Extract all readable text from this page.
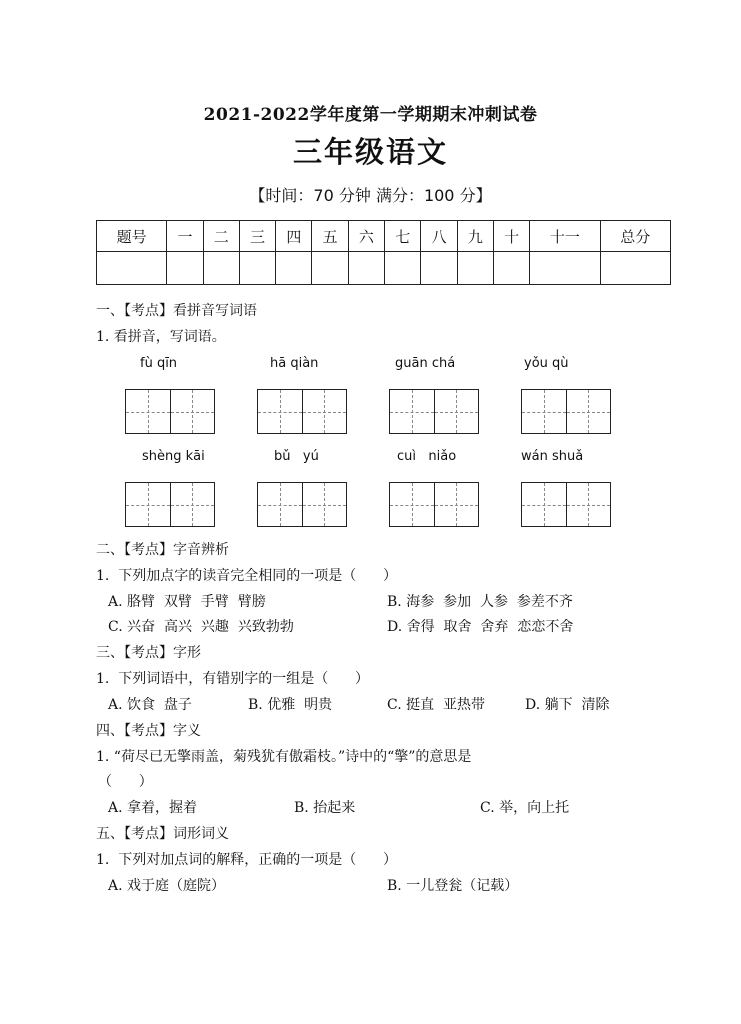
2021-2022学年度第一学期期末冲刺试卷
三年级语文
【时间：70 分钟 满分：100 分】
题号	一	二	三	四	五	六	七	八	九	十	十一	总分

一、【考点】看拼音写词语
1. 看拼音，写词语。
fù qīn	hā qiàn	guān chá	yǒu qù
shèng kāi	bǔ   yú	cuì   niǎo	wán shuǎ
二、【考点】字音辨析
1.  下列加点字的读音完全相同的一项是（      ）
A. 胳臂  双臂  手臂  臂膀	B. 海参  参加  人参  参差不齐
C. 兴奋  高兴  兴趣  兴致勃勃	D. 舍得  取舍  舍弃  恋恋不舍
三、【考点】字形
1.  下列词语中，有错别字的一组是（      ）
A. 饮食  盘子	B. 优雅  明贵	C. 挺直  亚热带	D. 躺下  清除
四、【考点】字义
1. “荷尽已无擎雨盖，菊残犹有傲霜枝。”诗中的“擎”的意思是
（      ）
A. 拿着，握着	B. 抬起来	C. 举，向上托
五、【考点】词形词义
1.  下列对加点词的解释，正确的一项是（      ）
A. 戏于庭（庭院）	B. 一儿登瓮（记载）
